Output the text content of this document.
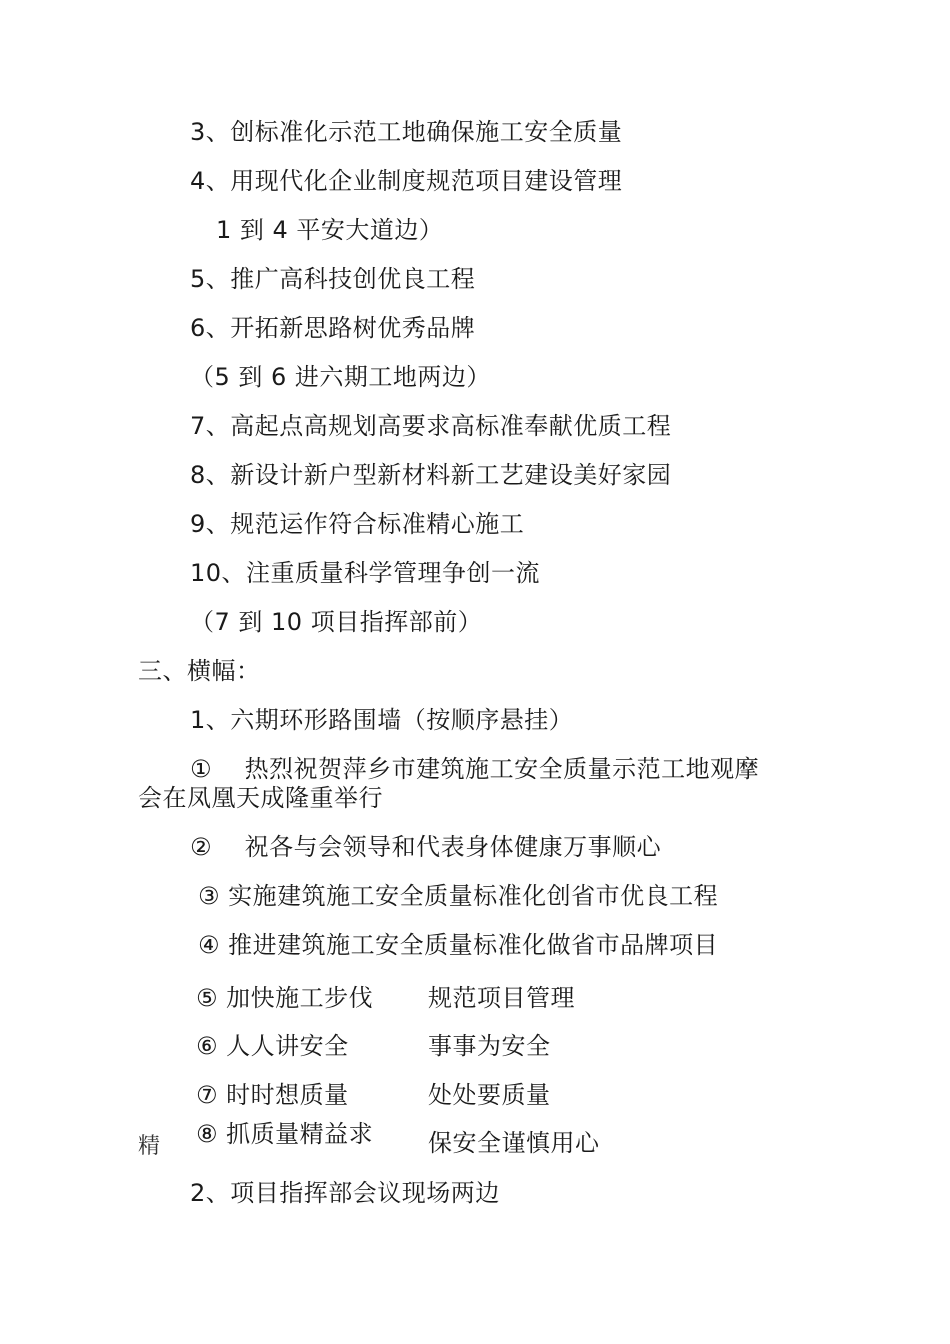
3、创标准化示范工地确保施工安全质量
4、用现代化企业制度规范项目建设管理
1 到 4 平安大道边）
5、推广高科技创优良工程
6、开拓新思路树优秀品牌
（5 到 6 进六期工地两边）
7、高起点高规划高要求高标准奉献优质工程
8、新设计新户型新材料新工艺建设美好家园
9、规范运作符合标准精心施工
10、注重质量科学管理争创一流
（7 到 10 项目指挥部前）
三、横幅：
1、六期环形路围墙（按顺序悬挂）
①　 热烈祝贺萍乡市建筑施工安全质量示范工地观摩
会在凤凰天成隆重举行
②　 祝各与会领导和代表身体健康万事顺心
③ 实施建筑施工安全质量标准化创省市优良工程
④ 推进建筑施工安全质量标准化做省市品牌项目
⑤ 加快施工步伐 规范项目管理
⑥ 人人讲安全	事事为安全
⑦ 时时想质量	处处要质量
⑧ 抓质量精益求 保安全谨慎用心
精
2、项目指挥部会议现场两边
